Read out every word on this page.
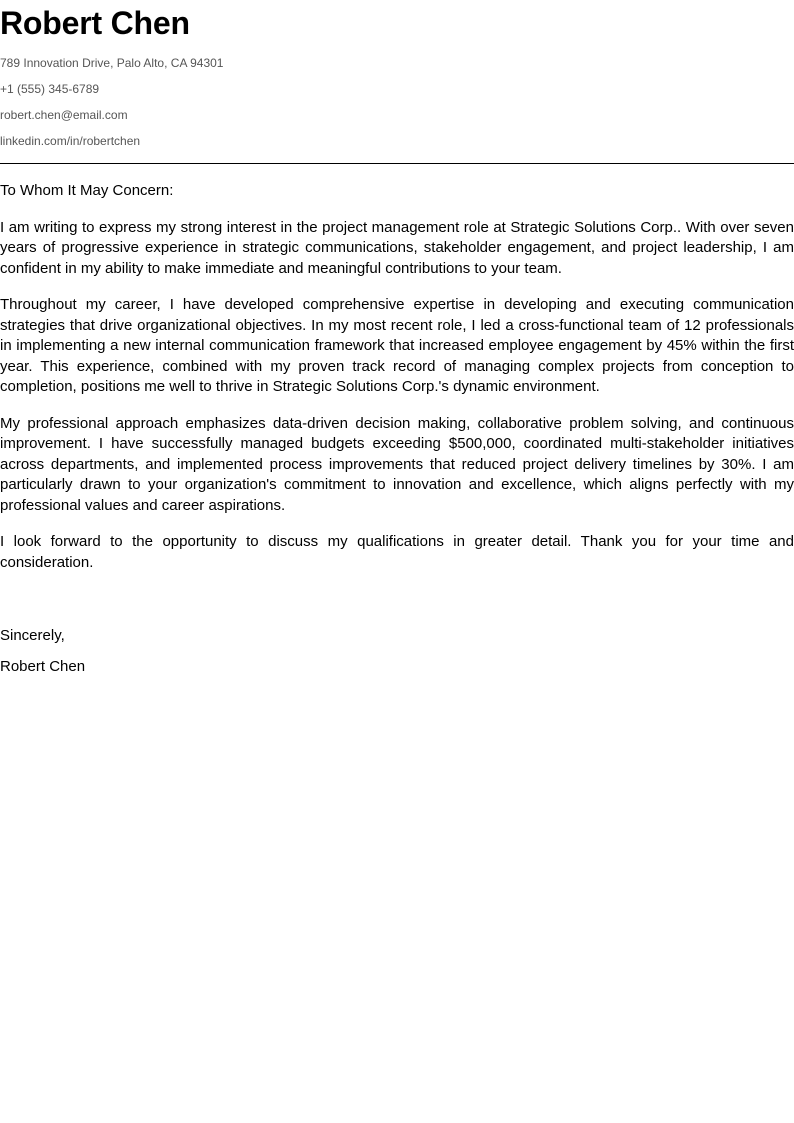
Robert Chen
789 Innovation Drive, Palo Alto, CA 94301
+1 (555) 345-6789
robert.chen@email.com
linkedin.com/in/robertchen

To Whom It May Concern:

I am writing to express my strong interest in the project management role at Strategic Solutions Corp.. With over seven years of progressive experience in strategic communications, stakeholder engagement, and project leadership, I am confident in my ability to make immediate and meaningful contributions to your team.

Throughout my career, I have developed comprehensive expertise in developing and executing communication strategies that drive organizational objectives. In my most recent role, I led a cross-functional team of 12 professionals in implementing a new internal communication framework that increased employee engagement by 45% within the first year. This experience, combined with my proven track record of managing complex projects from conception to completion, positions me well to thrive in Strategic Solutions Corp.'s dynamic environment.

My professional approach emphasizes data-driven decision making, collaborative problem solving, and continuous improvement. I have successfully managed budgets exceeding $500,000, coordinated multi-stakeholder initiatives across departments, and implemented process improvements that reduced project delivery timelines by 30%. I am particularly drawn to your organization's commitment to innovation and excellence, which aligns perfectly with my professional values and career aspirations.

I look forward to the opportunity to discuss my qualifications in greater detail. Thank you for your time and consideration.

Sincerely,

Robert Chen
